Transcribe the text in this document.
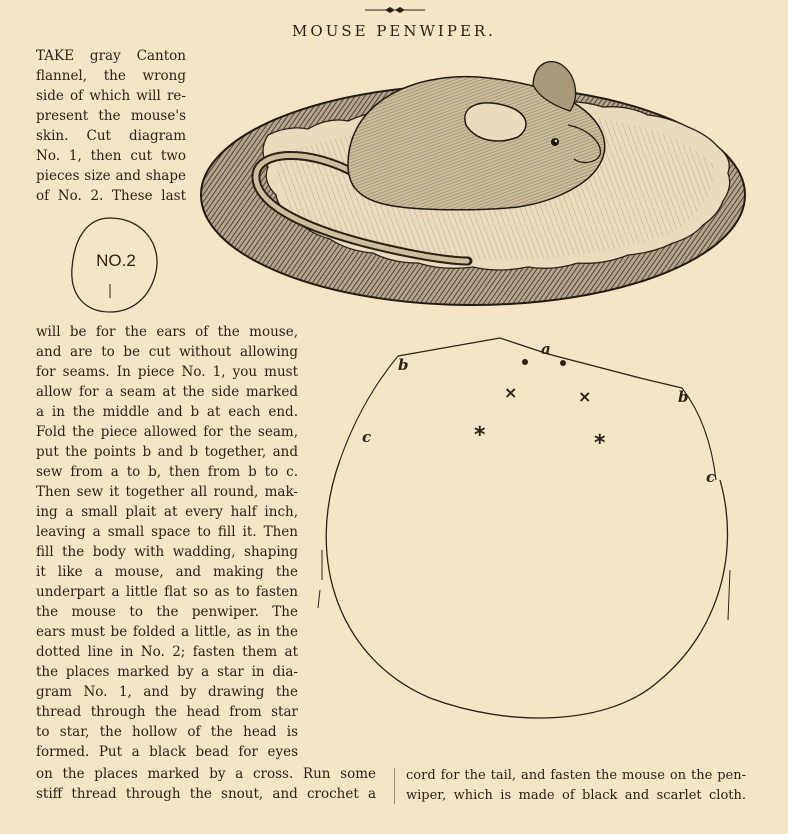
MOUSE PENWIPER.
TAKE gray Canton
flannel, the wrong
side of which will re-
present the mouse's
skin. Cut diagram
No. 1, then cut two
pieces size and shape
of No. 2. These last
NO.2
will be for the ears of the mouse,
and are to be cut without allowing
for seams. In piece No. 1, you must
allow for a seam at the side marked
a in the middle and b at each end.
Fold the piece allowed for the seam,
put the points b and b together, and
sew from a to b, then from b to c.
Then sew it together all round, mak-
ing a small plait at every half inch,
leaving a small space to fill it. Then
fill the body with wadding, shaping
it like a mouse, and making the
underpart a little flat so as to fasten
the mouse to the penwiper. The
ears must be folded a little, as in the
dotted line in No. 2; fasten them at
the places marked by a star in dia-
gram No. 1, and by drawing the
thread through the head from star
to star, the hollow of the head is
formed. Put a black bead for eyes
on the places marked by a cross. Run some
stiff thread through the snout, and crochet a
b
a
b
c
c
×	×
*	*
cord for the tail, and fasten the mouse on the pen-
wiper, which is made of black and scarlet cloth.
